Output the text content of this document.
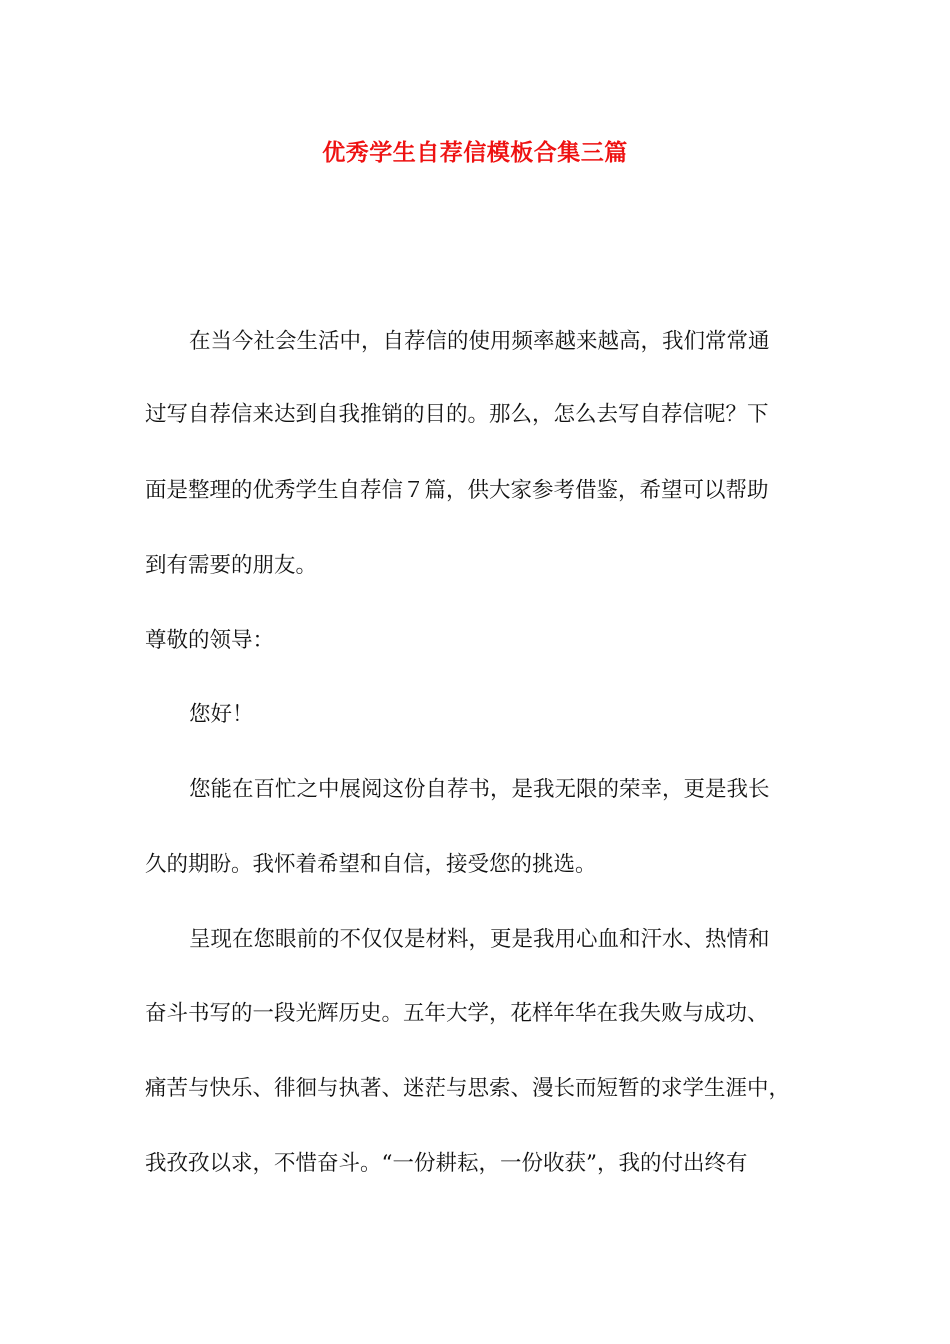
优秀学生自荐信模板合集三篇

在当今社会生活中，自荐信的使用频率越来越高，我们常常通

过写自荐信来达到自我推销的目的。那么，怎么去写自荐信呢？下

面是整理的优秀学生自荐信７篇，供大家参考借鉴，希望可以帮助

到有需要的朋友。

尊敬的领导：

您好！

您能在百忙之中展阅这份自荐书，是我无限的荣幸，更是我长

久的期盼。我怀着希望和自信，接受您的挑选。

呈现在您眼前的不仅仅是材料，更是我用心血和汗水、热情和

奋斗书写的一段光辉历史。五年大学，花样年华在我失败与成功、

痛苦与快乐、徘徊与执著、迷茫与思索、漫长而短暂的求学生涯中，

我孜孜以求，不惜奋斗。“一份耕耘，一份收获”，我的付出终有
